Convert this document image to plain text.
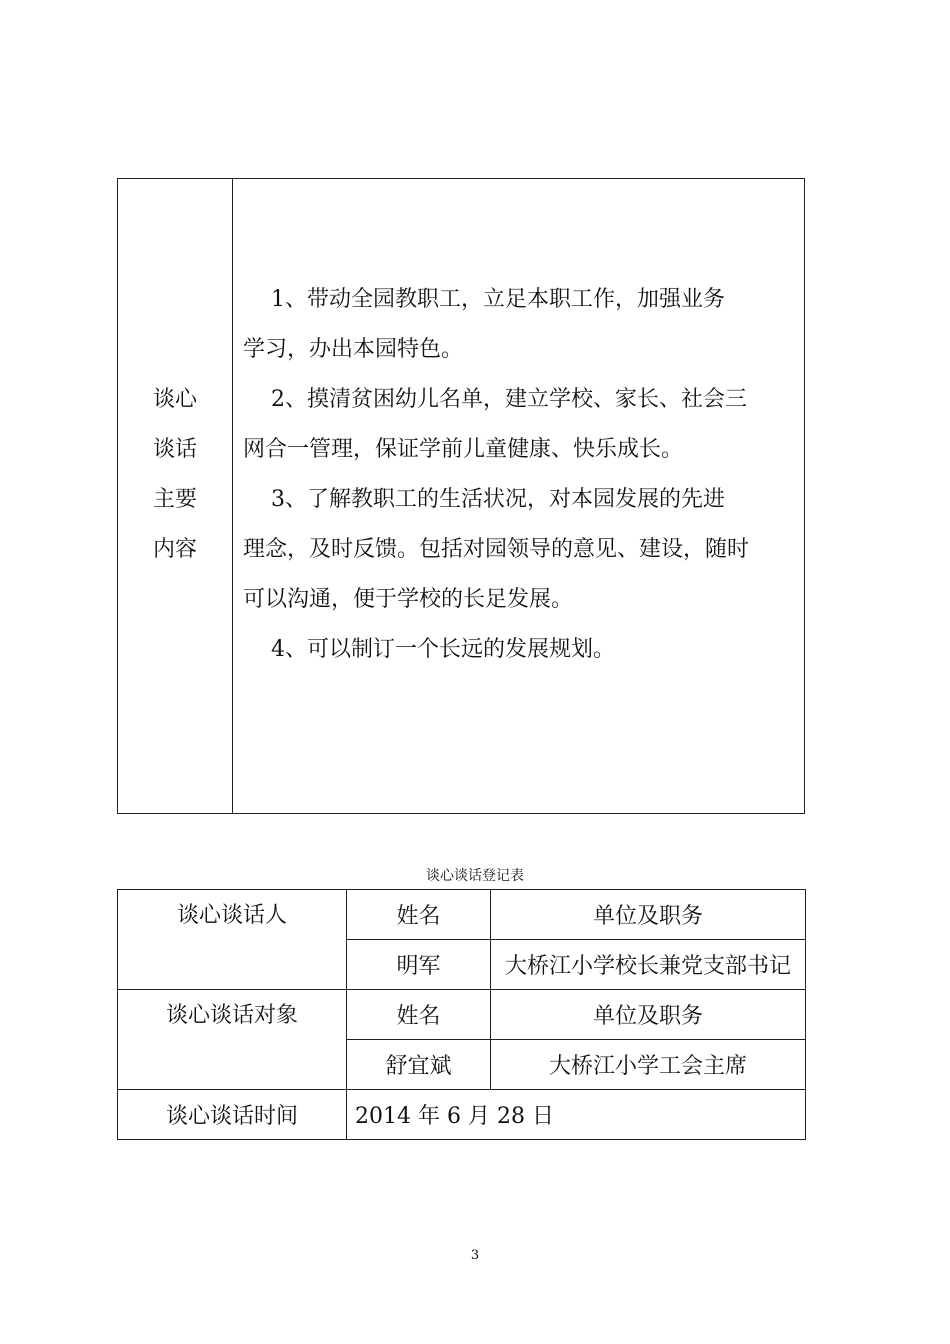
谈心
谈话
主要
内容
1、带动全园教职工，立足本职工作，加强业务
学习，办出本园特色。
2、摸清贫困幼儿名单，建立学校、家长、社会三
网合一管理，保证学前儿童健康、快乐成长。
3、了解教职工的生活状况，对本园发展的先进
理念，及时反馈。包括对园领导的意见、建设，随时
可以沟通，便于学校的长足发展。
4、可以制订一个长远的发展规划。
谈心谈话登记表
谈心谈话人	姓名	单位及职务
	明军	大桥江小学校长兼党支部书记
谈心谈话对象	姓名	单位及职务
	舒宜斌	大桥江小学工会主席
谈心谈话时间	2014 年 6 月 28 日	
3
